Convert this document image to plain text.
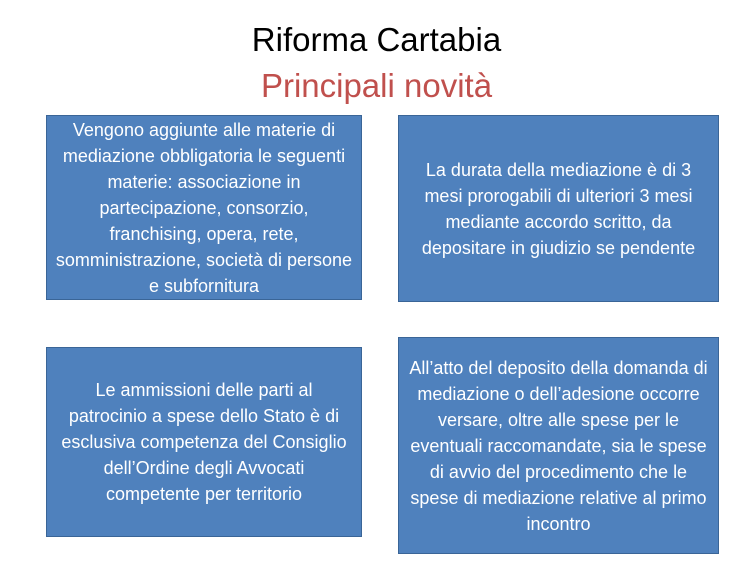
Riforma Cartabia
Principali novità
Vengono aggiunte alle materie di mediazione obbligatoria le seguenti materie: associazione in partecipazione, consorzio, franchising, opera, rete, somministrazione, società di persone e subfornitura
La durata della mediazione è di 3 mesi prorogabili di ulteriori 3 mesi mediante accordo scritto, da depositare in giudizio se pendente
Le ammissioni delle parti al patrocinio a spese dello Stato è di esclusiva competenza del Consiglio dell’Ordine degli Avvocati competente per territorio
All’atto del deposito della domanda di mediazione o dell’adesione occorre versare, oltre alle spese per le eventuali raccomandate, sia le spese di avvio del procedimento che le spese di mediazione relative al primo incontro
